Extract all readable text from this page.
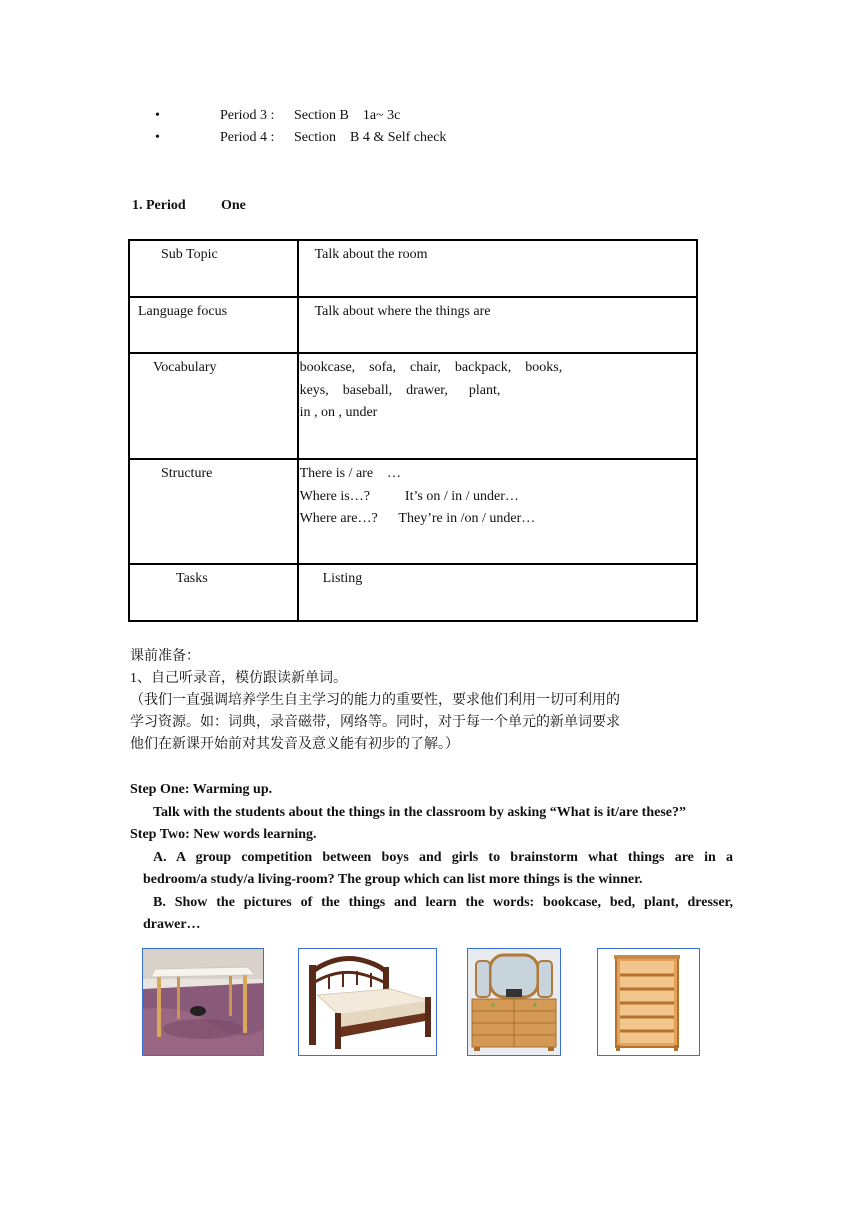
•	Period 3 : Section B    1a~ 3c
•	Period 4 : Section    B 4 & Self check
1. Period	One
Sub Topic	Talk about the room

Language focus	Talk about where the things are

Vocabulary	bookcase,    sofa,    chair,    backpack,    books,
keys,    baseball,    drawer,      plant,
in , on , under

Structure	There is / are    …
Where is…?          It’s on / in / under…
Where are…?      They’re in /on / under…

Tasks	Listing
课前准备：
1、自己听录音，模仿跟读新单词。
（我们一直强调培养学生自主学习的能力的重要性，要求他们利用一切可利用的
学习资源。如：词典，录音磁带，网络等。同时，对于每一个单元的新单词要求
他们在新课开始前对其发音及意义能有初步的了解。）
Step One: Warming up.
Talk with the students about the things in the classroom by asking “What is it/are these?”
Step Two: New words learning.
A. A group competition between boys and girls to brainstorm what things are in a
bedroom/a study/a living-room? The group which can list more things is the winner.
B. Show the pictures of the things and learn the words: bookcase, bed, plant, dresser,
drawer…
